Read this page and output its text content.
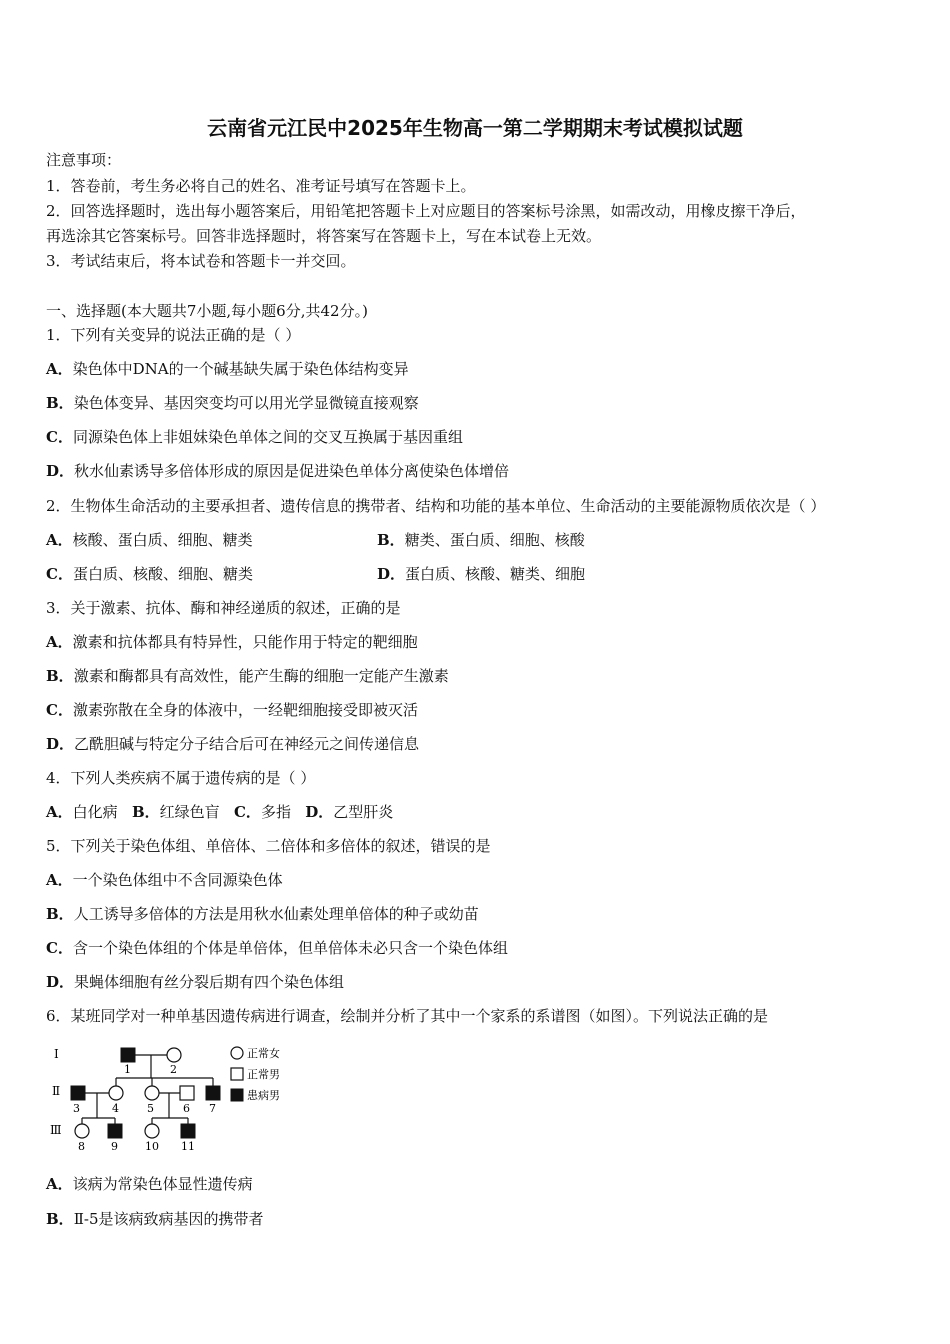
云南省元江民中2025年生物高一第二学期期末考试模拟试题
注意事项：
1．答卷前，考生务必将自己的姓名、准考证号填写在答题卡上。
2．回答选择题时，选出每小题答案后，用铅笔把答题卡上对应题目的答案标号涂黑，如需改动，用橡皮擦干净后，
再选涂其它答案标号。回答非选择题时，将答案写在答题卡上，写在本试卷上无效。
3．考试结束后，将本试卷和答题卡一并交回。
一、选择题(本大题共7小题,每小题6分,共42分。)
1．下列有关变异的说法正确的是（ ）
A．染色体中DNA的一个碱基缺失属于染色体结构变异
B．染色体变异、基因突变均可以用光学显微镜直接观察
C．同源染色体上非姐妹染色单体之间的交叉互换属于基因重组
D．秋水仙素诱导多倍体形成的原因是促进染色单体分离使染色体增倍
2．生物体生命活动的主要承担者、遗传信息的携带者、结构和功能的基本单位、生命活动的主要能源物质依次是（ ）
A．核酸、蛋白质、细胞、糖类	B．糖类、蛋白质、细胞、核酸
C．蛋白质、核酸、细胞、糖类	D．蛋白质、核酸、糖类、细胞
3．关于激素、抗体、酶和神经递质的叙述，正确的是
A．激素和抗体都具有特异性，只能作用于特定的靶细胞
B．激素和酶都具有高效性，能产生酶的细胞一定能产生激素
C．激素弥散在全身的体液中，一经靶细胞接受即被灭活
D．乙酰胆碱与特定分子结合后可在神经元之间传递信息
4．下列人类疾病不属于遗传病的是（ ）
A．白化病 B．红绿色盲 C．多指 D．乙型肝炎
5．下列关于染色体组、单倍体、二倍体和多倍体的叙述，错误的是
A．一个染色体组中不含同源染色体
B．人工诱导多倍体的方法是用秋水仙素处理单倍体的种子或幼苗
C．含一个染色体组的个体是单倍体，但单倍体未必只含一个染色体组
D．果蝇体细胞有丝分裂后期有四个染色体组
6．某班同学对一种单基因遗传病进行调查，绘制并分析了其中一个家系的系谱图（如图）。下列说法正确的是
Ⅰ
Ⅱ
Ⅲ
1	2
3	4	5	6 7
8 9 10 11
正常女
正常男
患病男
A．该病为常染色体显性遗传病
B．Ⅱ-5是该病致病基因的携带者
